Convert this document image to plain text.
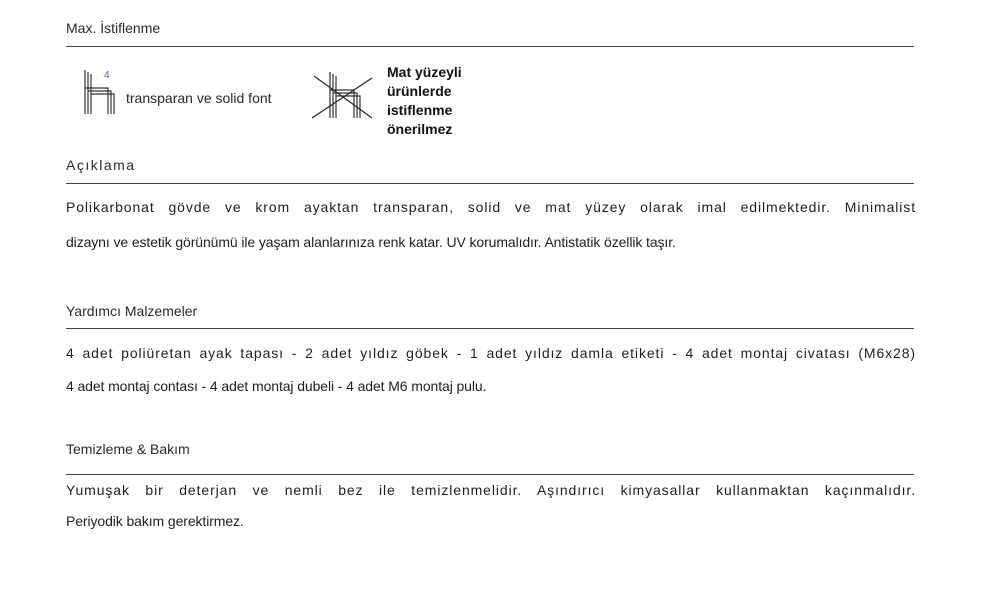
Max. İstiflenme
4
transparan ve solid font
Mat yüzeyli
ürünlerde
istiflenme
önerilmez
Açıklama
Polikarbonat gövde ve krom ayaktan transparan, solid ve mat yüzey olarak imal edilmektedir. Minimalist
dizaynı ve estetik görünümü ile yaşam alanlarınıza renk katar. UV korumalıdır. Antistatik özellik taşır.
Yardımcı Malzemeler
4 adet poliüretan ayak tapası - 2 adet yıldız göbek - 1 adet yıldız damla etiketi - 4 adet montaj civatası (M6x28)
4 adet montaj contası - 4 adet montaj dubeli - 4 adet M6 montaj pulu.
Temizleme & Bakım
Yumuşak bir deterjan ve nemli bez ile temizlenmelidir. Aşındırıcı kimyasallar kullanmaktan kaçınmalıdır.
Periyodik bakım gerektirmez.
